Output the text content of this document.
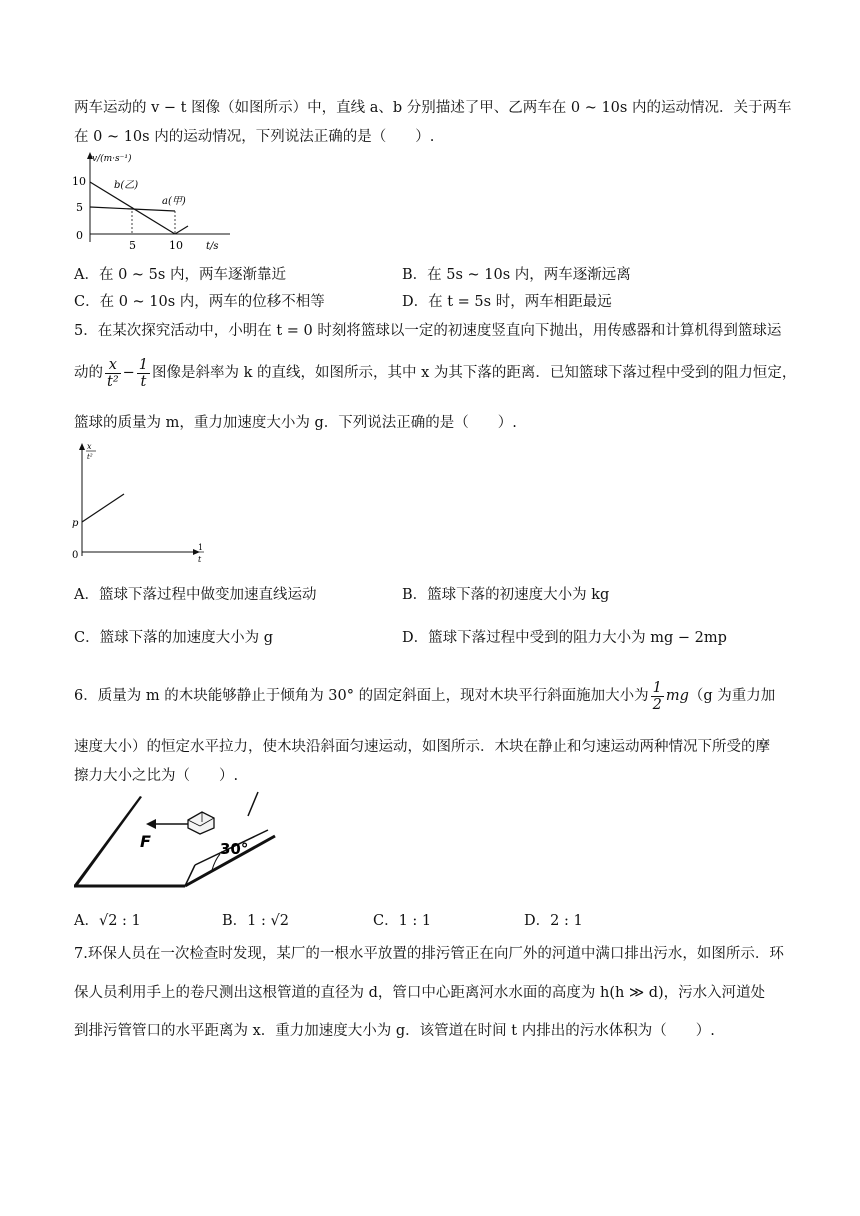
两车运动的 v − t 图像（如图所示）中，直线 a、b 分别描述了甲、乙两车在 0 ~ 10s 内的运动情况．关于两车
在 0 ~ 10s 内的运动情况，下列说法正确的是（　　）.
v/(m·s⁻¹)
10
5
0
5	10 t/s
b(乙)
a(甲)
A．在 0 ~ 5s 内，两车逐渐靠近	B．在 5s ~ 10s 内，两车逐渐远离
C．在 0 ~ 10s 内，两车的位移不相等	D．在 t = 5s 时，两车相距最远
5．在某次探究活动中，小明在 t = 0 时刻将篮球以一定的初速度竖直向下抛出，用传感器和计算机得到篮球运
动的 $\frac{x}{\text{t²}} - \frac{1}{t}$ 图像是斜率为 k 的直线，如图所示，其中 x 为其下落的距离．已知篮球下落过程中受到的阻力恒定，
篮球的质量为 m，重力加速度大小为 g．下列说法正确的是（　　）.
x
t²
p
0
1
t
A．篮球下落过程中做变加速直线运动	B．篮球下落的初速度大小为 kg
C．篮球下落的加速度大小为 g	D．篮球下落过程中受到的阻力大小为 mg − 2mp
6．质量为 m 的木块能够静止于倾角为 30° 的固定斜面上，现对木块平行斜面施加大小为 $\frac{1}{2} mg(g$ 为重力加
速度大小）的恒定水平拉力，使木块沿斜面匀速运动，如图所示．木块在静止和匀速运动两种情况下所受的摩
擦力大小之比为（　　）.
30°
F
A．√2 : 1	B．1 : √2	C．1 : 1	D．2 : 1
7.环保人员在一次检查时发现，某厂的一根水平放置的排污管正在向厂外的河道中满口排出污水，如图所示．环
保人员利用手上的卷尺测出这根管道的直径为 d，管口中心距离河水水面的高度为 h(h ≫ d)，污水入河道处
到排污管管口的水平距离为 x．重力加速度大小为 g．该管道在时间 t 内排出的污水体积为（　　）.
